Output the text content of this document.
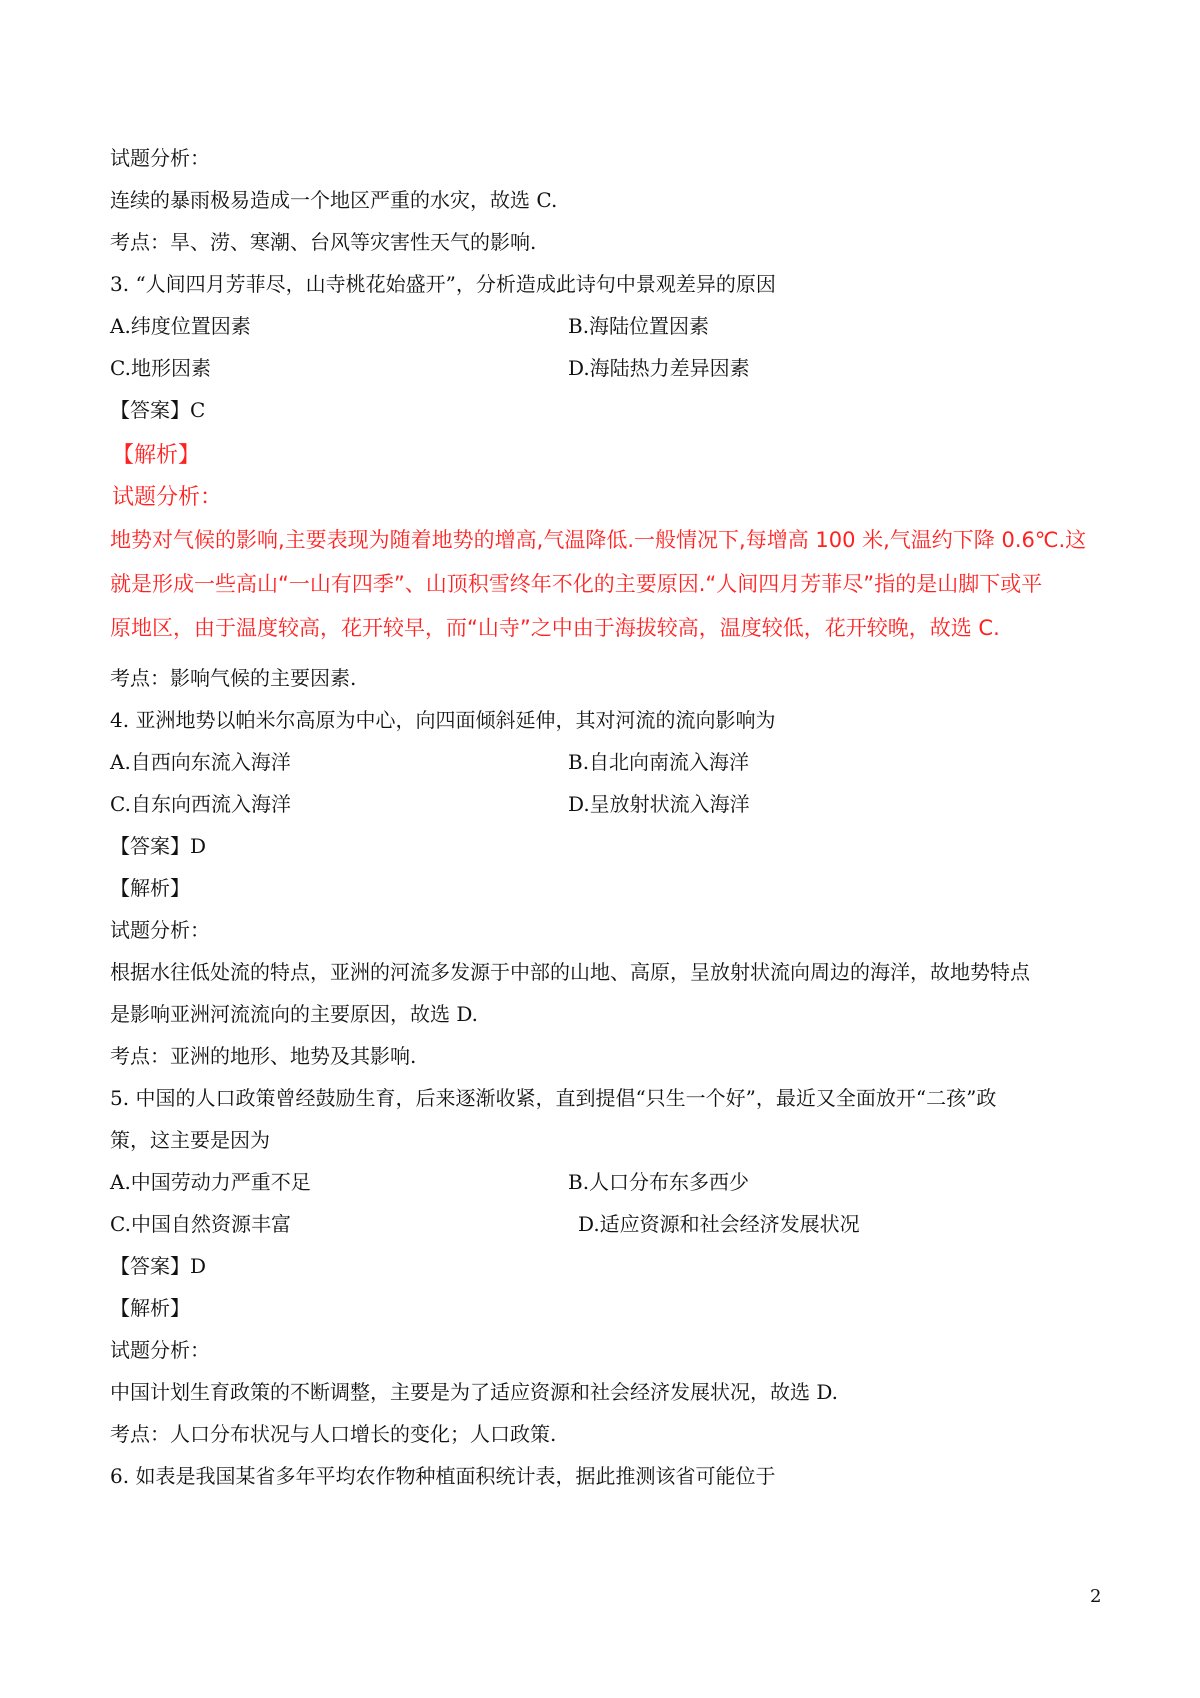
试题分析：
连续的暴雨极易造成一个地区严重的水灾，故选 C.
考点：旱、涝、寒潮、台风等灾害性天气的影响.
3. “人间四月芳菲尽，山寺桃花始盛开”，分析造成此诗句中景观差异的原因
A.纬度位置因素	B.海陆位置因素
C.地形因素	D.海陆热力差异因素
【答案】C
【解析】
试题分析：
地势对气候的影响,主要表现为随着地势的增高,气温降低.一般情况下,每增高 100 米,气温约下降 0.6℃.这
就是形成一些高山“一山有四季”、山顶积雪终年不化的主要原因.“人间四月芳菲尽”指的是山脚下或平
原地区，由于温度较高，花开较早，而“山寺”之中由于海拔较高，温度较低，花开较晚，故选 C.
考点：影响气候的主要因素.
4. 亚洲地势以帕米尔高原为中心，向四面倾斜延伸，其对河流的流向影响为
A.自西向东流入海洋	B.自北向南流入海洋
C.自东向西流入海洋	D.呈放射状流入海洋
【答案】D
【解析】
试题分析：
根据水往低处流的特点，亚洲的河流多发源于中部的山地、高原，呈放射状流向周边的海洋，故地势特点
是影响亚洲河流流向的主要原因，故选 D.
考点：亚洲的地形、地势及其影响.
5. 中国的人口政策曾经鼓励生育，后来逐渐收紧，直到提倡“只生一个好”，最近又全面放开“二孩”政
策，这主要是因为
A.中国劳动力严重不足	B.人口分布东多西少
C.中国自然资源丰富	D.适应资源和社会经济发展状况
【答案】D
【解析】
试题分析：
中国计划生育政策的不断调整，主要是为了适应资源和社会经济发展状况，故选 D.
考点：人口分布状况与人口增长的变化；人口政策.
6. 如表是我国某省多年平均农作物种植面积统计表，据此推测该省可能位于
2
